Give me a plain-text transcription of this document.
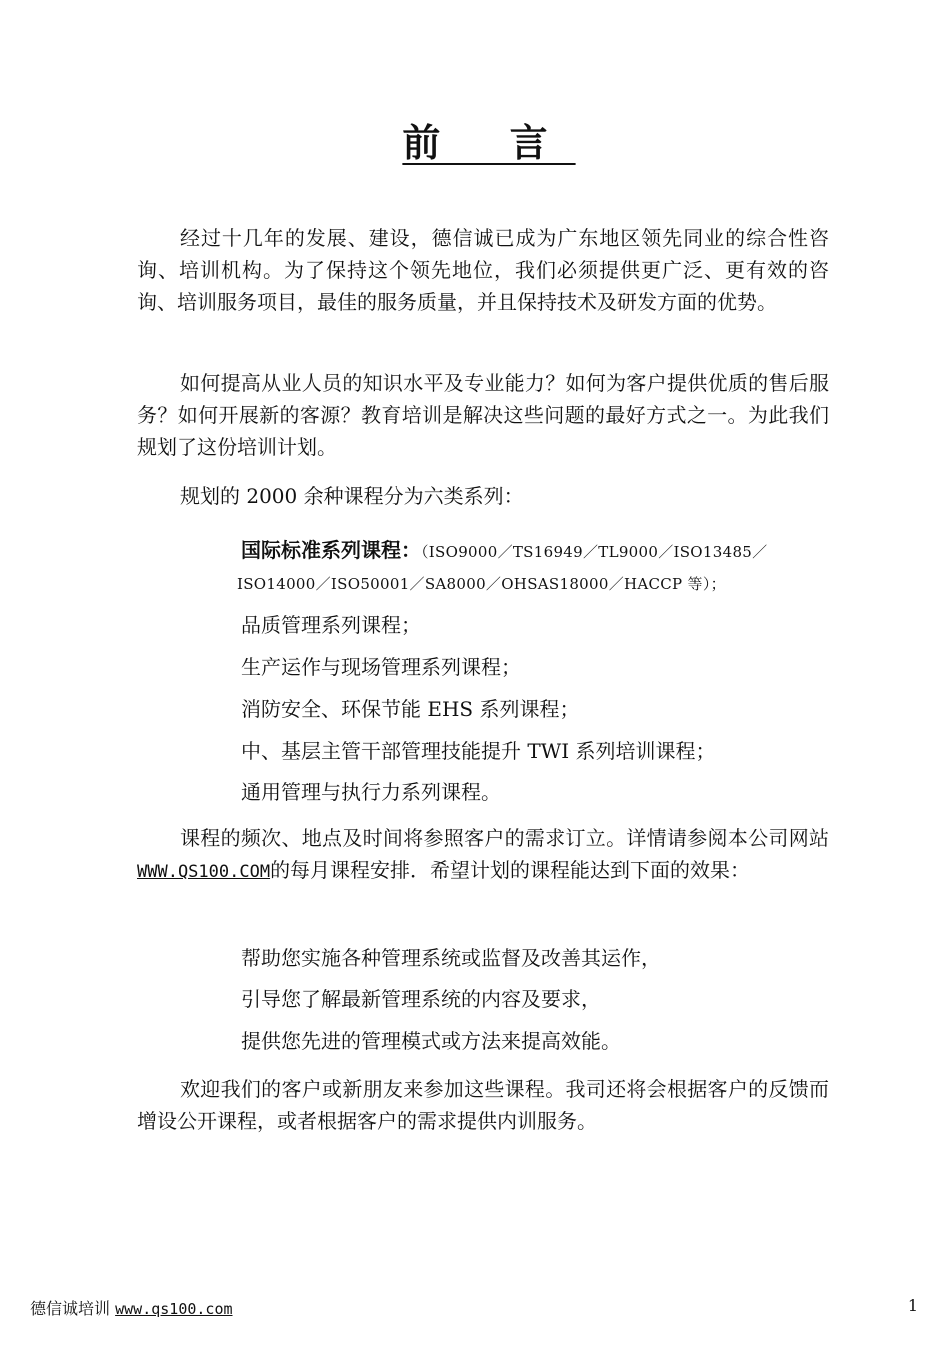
前 言
经过十几年的发展、建设，德信诚已成为广东地区领先同业的综合性咨询、培训机构。为了保持这个领先地位，我们必须提供更广泛、更有效的咨询、培训服务项目，最佳的服务质量，并且保持技术及研发方面的优势。
如何提高从业人员的知识水平及专业能力？如何为客户提供优质的售后服务？如何开展新的客源？教育培训是解决这些问题的最好方式之一。为此我们规划了这份培训计划。
规划的 2000 余种课程分为六类系列：
国际标准系列课程：（ISO9000／TS16949／TL9000／ISO13485／
ISO14000／ISO50001／SA8000／OHSAS18000／HACCP 等）；
品质管理系列课程；
生产运作与现场管理系列课程；
消防安全、环保节能 EHS 系列课程；
中、基层主管干部管理技能提升 TWI 系列培训课程；
通用管理与执行力系列课程。
课程的频次、地点及时间将参照客户的需求订立。详情请参阅本公司网站WWW.QS100.COM的每月课程安排．希望计划的课程能达到下面的效果：
帮助您实施各种管理系统或监督及改善其运作，
引导您了解最新管理系统的内容及要求，
提供您先进的管理模式或方法来提高效能。
欢迎我们的客户或新朋友来参加这些课程。我司还将会根据客户的反馈而增设公开课程，或者根据客户的需求提供内训服务。
德信诚培训 www.qs100.com	1
